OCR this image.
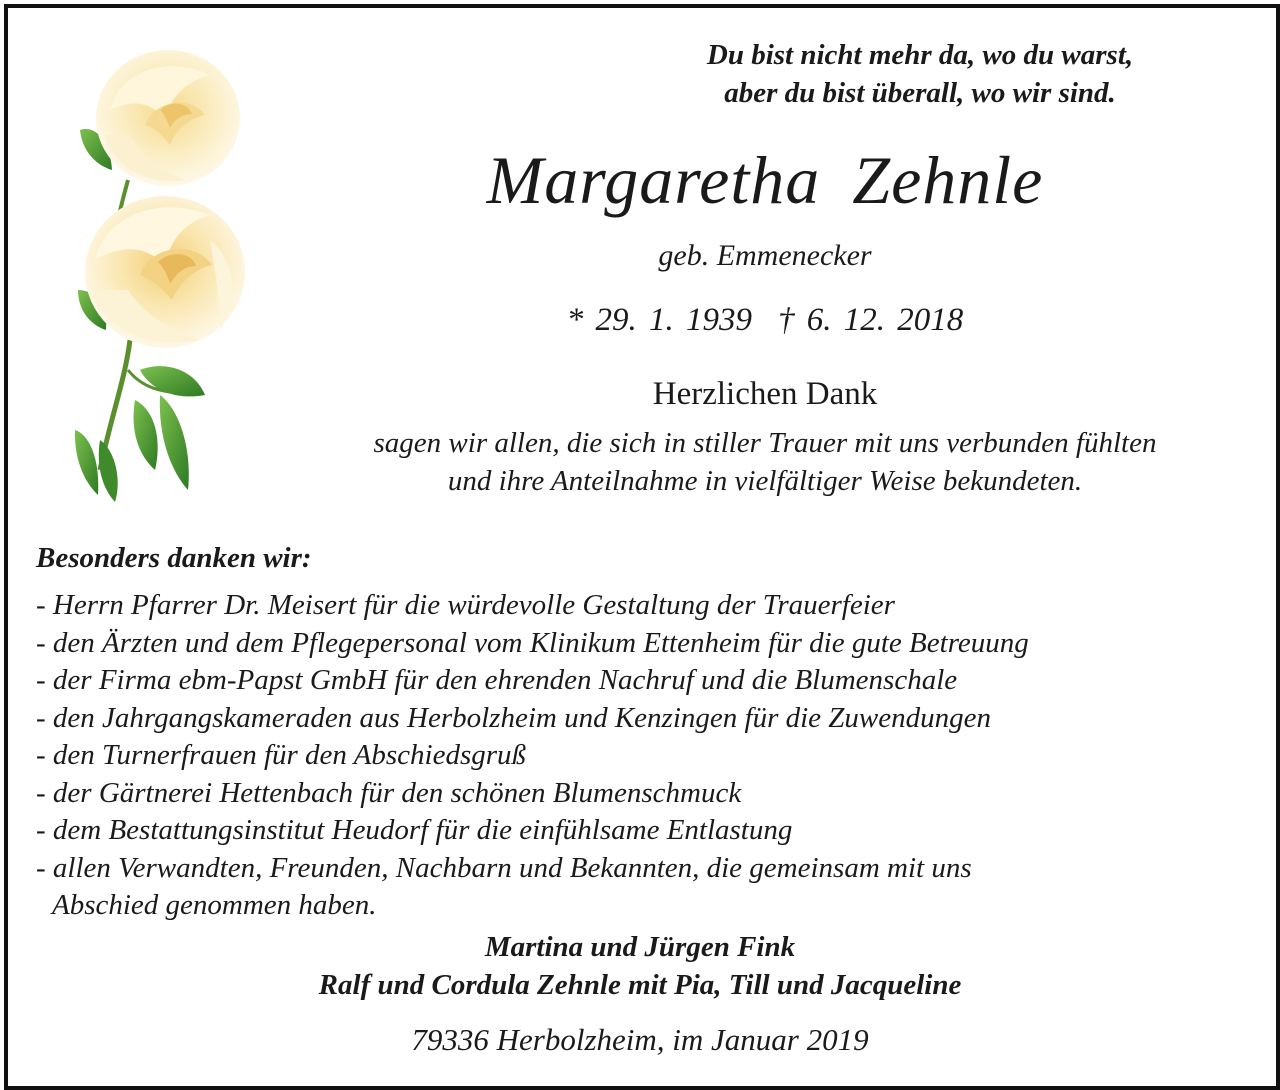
Du bist nicht mehr da, wo du warst,
aber du bist überall, wo wir sind.
Margaretha Zehnle
geb. Emmenecker
* 29. 1. 1939 † 6. 12. 2018
Herzlichen Dank
sagen wir allen, die sich in stiller Trauer mit uns verbunden fühlten
und ihre Anteilnahme in vielfältiger Weise bekundeten.
Besonders danken wir:
- Herrn Pfarrer Dr. Meisert für die würdevolle Gestaltung der Trauerfeier
- den Ärzten und dem Pflegepersonal vom Klinikum Ettenheim für die gute Betreuung
- der Firma ebm-Papst GmbH für den ehrenden Nachruf und die Blumenschale
- den Jahrgangskameraden aus Herbolzheim und Kenzingen für die Zuwendungen
- den Turnerfrauen für den Abschiedsgruß
- der Gärtnerei Hettenbach für den schönen Blumenschmuck
- dem Bestattungsinstitut Heudorf für die einfühlsame Entlastung
- allen Verwandten, Freunden, Nachbarn und Bekannten, die gemeinsam mit uns
Abschied genommen haben.
Martina und Jürgen Fink
Ralf und Cordula Zehnle mit Pia, Till und Jacqueline
79336 Herbolzheim, im Januar 2019
